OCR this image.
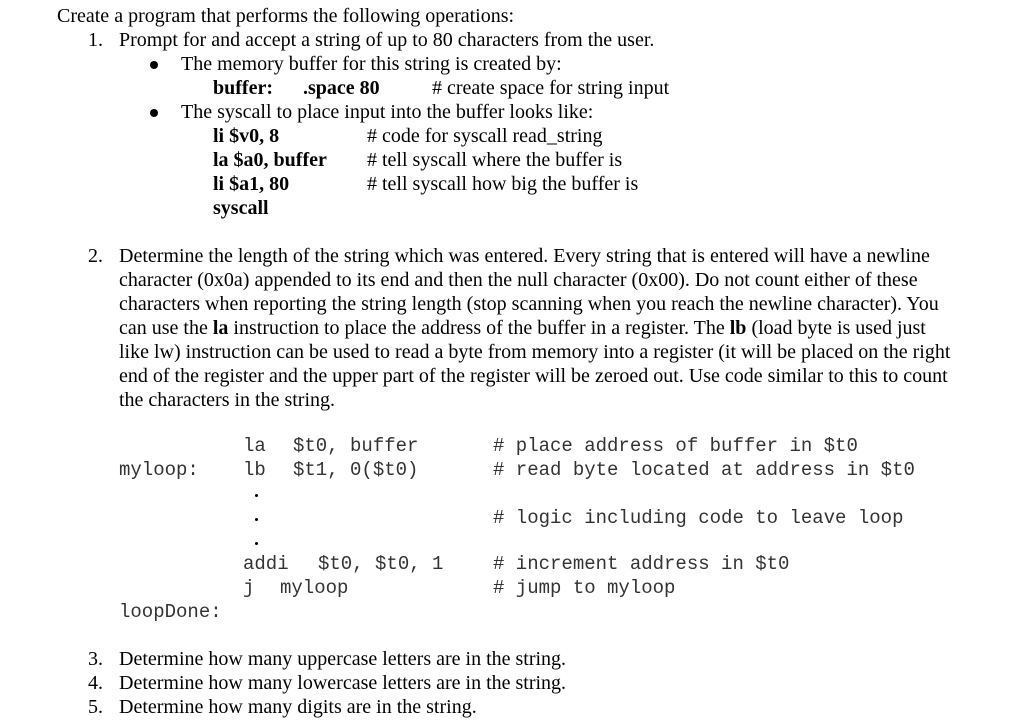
Create a program that performs the following operations:
1. Prompt for and accept a string of up to 80 characters from the user.
The memory buffer for this string is created by:
buffer: .space 80	# create space for string input
The syscall to place input into the buffer looks like:
li $v0, 8	# code for syscall read_string
la $a0, buffer # tell syscall where the buffer is
li $a1, 80	# tell syscall how big the buffer is
syscall
2. Determine the length of the string which was entered. Every string that is entered will have a newline
character (0x0a) appended to its end and then the null character (0x00). Do not count either of these
characters when reporting the string length (stop scanning when you reach the newline character). You
can use the la instruction to place the address of the buffer in a register. The lb (load byte is used just
like lw) instruction can be used to read a byte from memory into a register (it will be placed on the right
end of the register and the upper part of the register will be zeroed out. Use code similar to this to count
the characters in the string.
la $t0, buffer	# place address of buffer in $t0
myloop: lb $t1, 0($t0)	# read byte located at address in $t0
# logic including code to leave loop
addi $t0, $t0, 1	# increment address in $t0
j myloop	# jump to myloop
loopDone:
3. Determine how many uppercase letters are in the string.
4. Determine how many lowercase letters are in the string.
5. Determine how many digits are in the string.
